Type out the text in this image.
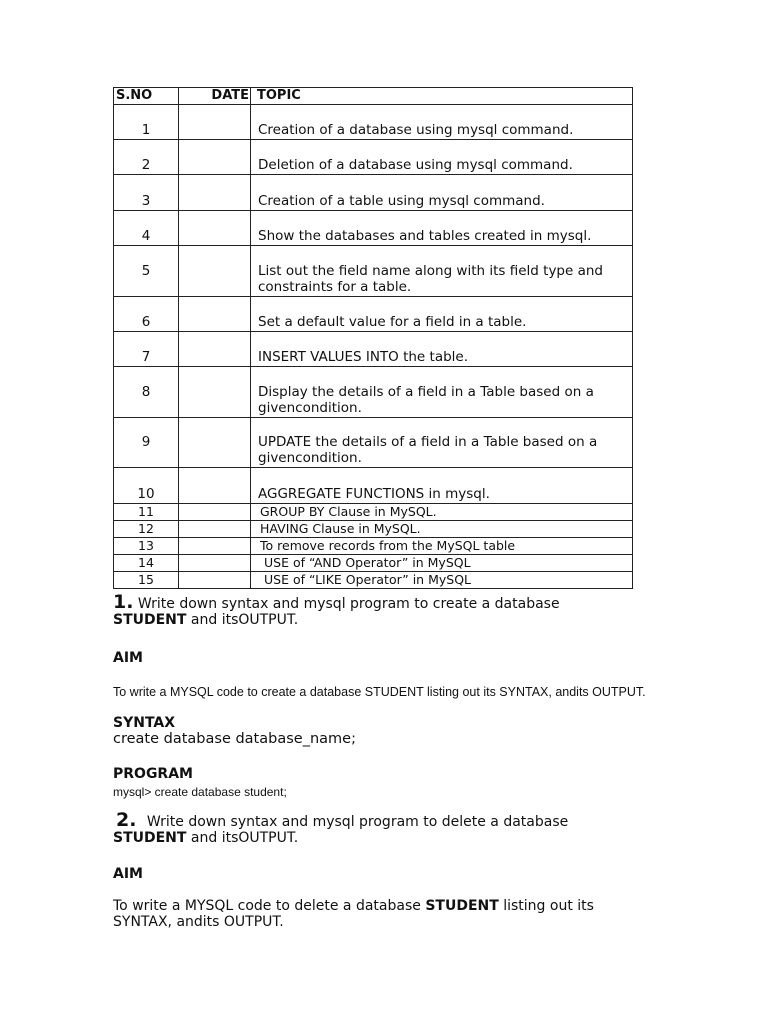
S.NO	DATE	TOPIC
1		Creation of a database using mysql command.
2		Deletion of a database using mysql command.
3		Creation of a table using mysql command.
4		Show the databases and tables created in mysql.
5		List out the field name along with its field type and constraints for a table.
6		Set a default value for a field in a table.
7		INSERT VALUES INTO the table.
8		Display the details of a field in a Table based on a givencondition.
9		UPDATE the details of a field in a Table based on a givencondition.
10		AGGREGATE FUNCTIONS in mysql.
11		GROUP BY Clause in MySQL.
12		HAVING Clause in MySQL.
13		To remove records from the MySQL table
14		USE of “AND Operator” in MySQL
15		USE of “LIKE Operator” in MySQL
1. Write down syntax and mysql program to create a database
STUDENT and itsOUTPUT.
AIM
To write a MYSQL code to create a database STUDENT listing out its SYNTAX, andits OUTPUT.
SYNTAX
create database database_name;
PROGRAM
mysql> create database student;
2. Write down syntax and mysql program to delete a database
STUDENT and itsOUTPUT.
AIM
To write a MYSQL code to delete a database STUDENT listing out its
SYNTAX, andits OUTPUT.
